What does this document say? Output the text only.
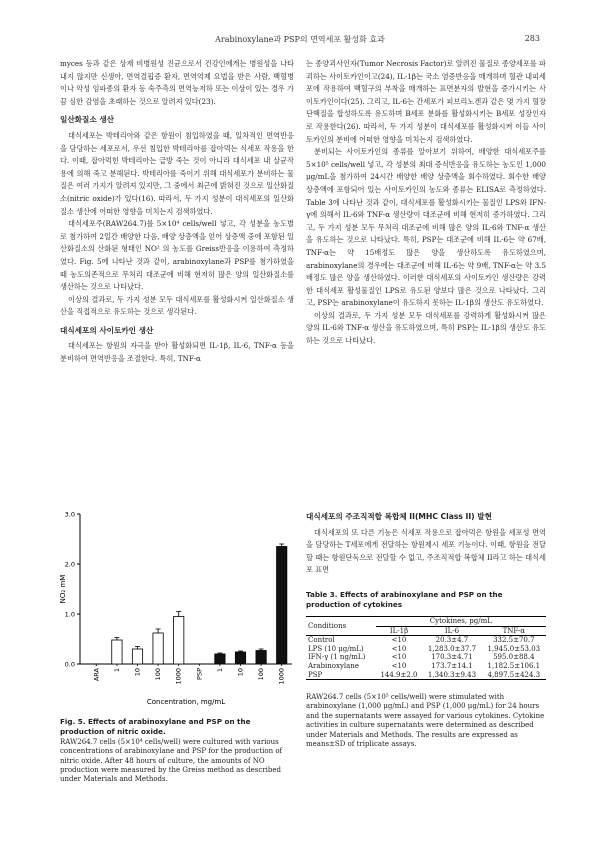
Arabinoxylane과 PSP의 면역세포 활성화 효과	283

myces 등과 같은 상재 비병원성 진균으로서 건강인에게는 병원성을 나타내지 않지만 신생아, 면역결핍증 환자, 면역억제 요법을 받은 사람, 백혈병이나 악성 임파종의 환자 등 숙주측의 면역능저하 또는 이상이 있는 경우 가끔 심한 감염을 초래하는 것으로 알려져 있다(23).

일산화질소 생산

대식세포는 박테리아와 같은 항원이 침입하였을 때, 일차적인 면역반응을 담당하는 세포로서, 우선 침입한 박테리아를 잡아먹는 식세포 작용을 한다. 이때, 잡아먹힌 박테리아는 급방 죽는 것이 아니라 대식세포 내 살균작용에 의해 죽고 분해된다. 박테리아를 죽이기 위해 대식세포가 분비하는 물질은 여러 가지가 알려져 있지만, 그 중에서 최근에 밝혀진 것으로 일산화질소(nitric oxide)가 있다(16). 따라서, 두 가지 성분이 대식세포의 일산화질소 생산에 어떠한 영향을 미치는지 검색하였다.

대식세포주(RAW264.7)를 5×10⁴ cells/well 넣고, 각 성분을 농도별로 첨가하여 2일간 배양한 다음, 배양 상층액을 얻어 상층액 중에 포함된 일산화질소의 산화된 형태인 NO² 의 농도를 Greiss반응을 이용하여 측정하였다. Fig. 5에 나타난 것과 같이, arabinoxylane과 PSP를 첨가하였을 때 농도의존적으로 무처리 대조군에 비해 현저히 많은 양의 일산화질소를 생산하는 것으로 나타났다.

이상의 결과로, 두 가지 성분 모두 대식세포를 활성화시켜 일산화질소 생산을 직접적으로 유도하는 것으로 생각된다.

대식세포의 사이토카인 생산

대식세포는 항원의 자극을 받아 활성화되면 IL-1β, IL-6, TNF-α 등을 분비하여 면역반응을 조절한다. 특히, TNF-α

는 종양괴사인자(Tumor Necrosis Factor)로 알려진 물질로 종양세포를 파괴하는 사이토카인이고(24), IL-1β는 국소 염증반응을 매개하며 혈관 내피세포에 작용하여 백혈구의 부착을 매개하는 표면분자의 발현을 증가시키는 사이토카인이다(25). 그리고, IL-6는 간세포가 피브리노겐과 같은 몇 가지 혈장단백질을 합성하도록 유도하며 B세포 분화를 활성화시키는 B세포 성장인자로 작용한다(26). 따라서, 두 가지 성분이 대식세포를 활성화시켜 이들 사이토카인의 분비에 어떠한 영향을 미치는지 검색하였다.

분비되는 사이토카인의 종류를 알아보기 위하여, 배양한 대식세포주를 5×10⁵ cells/well 넣고, 각 성분의 최대 증식반응을 유도하는 농도인 1,000 μg/mL을 첨가하여 24시간 배양한 배양 상층액을 회수하였다. 회수한 배양 상층액에 포함되어 있는 사이토카인의 농도와 종류는 ELISA로 측정하였다. Table 3에 나타난 것과 같이, 대식세포를 활성화시키는 물질인 LPS와 IFN-γ에 의해서 IL-6와 TNF-α 생산량이 대조군에 비해 현저히 증가하였다. 그리고, 두 가지 성분 모두 무처리 대조군에 비해 많은 양의 IL-6와 TNF-α 생산을 유도하는 것으로 나타났다. 특히, PSP는 대조군에 비해 IL-6는 약 67배, TNF-α는 약 15배정도 많은 양을 생산하도록 유도하였으며, arabinoxylane의 경우에는 대조군에 비해 IL-6는 약 9배, TNF-α는 약 3.5배정도 많은 양을 생산하였다. 이러한 대식세포의 사이토카인 생산량은 강력한 대식세포 활성물질인 LPS로 유도된 양보다 많은 것으로 나타났다. 그리고, PSP는 arabinoxylane이 유도하지 못하는 IL-1β의 생산도 유도하였다.

이상의 결과로, 두 가지 성분 모두 대식세포를 강력하게 활성화시켜 많은 양의 IL-6와 TNF-α 생산을 유도하였으며, 특히 PSP는 IL-1β의 생산도 유도하는 것으로 나타났다.

대식세포의 주조직적합 복합체 II(MHC Class II) 발현

대식세포의 또 다른 기능은 식세포 작용으로 잡아먹은 항원을 세포성 면역을 담당하는 T세포에게 전달하는 항원제시 세포 기능이다. 이때, 항원을 전달할 때는 항원단독으로 전달할 수 없고, 주조직적합 복합체 II라고 하는 대식세포 표면

0.0
1.0
2.0
3.0
NO₂ mM
ARA 1 10 100 1000 PSP 1 10 100 1000
Concentration, mg/mL
Fig. 5. Effects of arabinoxylane and PSP on the production of nitric oxide.
RAW264.7 cells (5×10⁴ cells/well) were cultured with various concentrations of arabinoxylane and PSP for the production of nitric oxide. After 48 hours of culture, the amounts of NO production were measured by the Greiss method as described under Materials and Methods.
Table 3. Effects of arabinoxylane and PSP on the production of cytokines
Conditions	Cytokines, pg/mL		
	IL-1β	IL-6	TNF-α
Control	<10	20.3±4.7	332.5±70.7
LPS (10 μg/mL)	<10	1,283.0±37.7	1,945.0±53.03
IFN-γ (1 ng/mL)	<10	170.3±4.71	595.0±88.4
Arabinoxylane	<10	173.7±14.1	1,182.5±106.1
PSP	144.9±2.0	1,340.3±9.43	4,897.5±424.3
RAW264.7 cells (5×10⁵ cells/well) were stimulated with arabinoxylane (1,000 μg/mL) and PSP (1,000 μg/mL) for 24 hours and the supernatants were assayed for various cytokines. Cytokine activities in culture supernatants were determined as described under Materials and Methods. The results are expressed as means±SD of triplicate assays.
